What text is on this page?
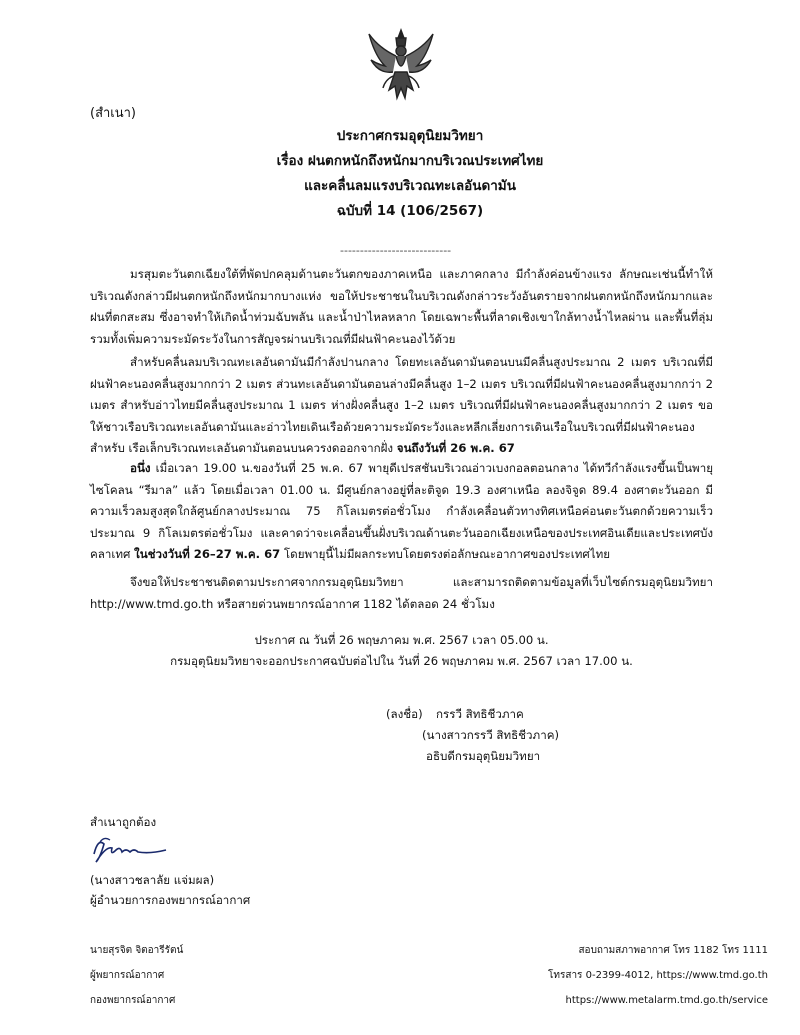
(สำเนา)
ประกาศกรมอุตุนิยมวิทยา
เรื่อง ฝนตกหนักถึงหนักมากบริเวณประเทศไทย
และคลื่นลมแรงบริเวณทะเลอันดามัน
ฉบับที่ 14 (106/2567)
----------------------------

มรสุมตะวันตกเฉียงใต้ที่พัดปกคลุมด้านตะวันตกของภาคเหนือ และภาคกลาง มีกำลังค่อนข้างแรง ลักษณะเช่นนี้ทำให้บริเวณดังกล่าวมีฝนตกหนักถึงหนักมากบางแห่ง ขอให้ประชาชนในบริเวณดังกล่าวระวังอันตรายจากฝนตกหนักถึงหนักมากและฝนที่ตกสะสม ซึ่งอาจทำให้เกิดน้ำท่วมฉับพลัน และน้ำป่าไหลหลาก โดยเฉพาะพื้นที่ลาดเชิงเขาใกล้ทางน้ำไหลผ่าน และพื้นที่ลุ่ม รวมทั้งเพิ่มความระมัดระวังในการสัญจรผ่านบริเวณที่มีฝนฟ้าคะนองไว้ด้วย

สำหรับคลื่นลมบริเวณทะเลอันดามันมีกำลังปานกลาง โดยทะเลอันดามันตอนบนมีคลื่นสูงประมาณ 2 เมตร บริเวณที่มีฝนฟ้าคะนองคลื่นสูงมากกว่า 2 เมตร ส่วนทะเลอันดามันตอนล่างมีคลื่นสูง 1–2 เมตร บริเวณที่มีฝนฟ้าคะนองคลื่นสูงมากกว่า 2 เมตร สำหรับอ่าวไทยมีคลื่นสูงประมาณ 1 เมตร ห่างฝั่งคลื่นสูง 1–2 เมตร บริเวณที่มีฝนฟ้าคะนองคลื่นสูงมากกว่า 2 เมตร ขอให้ชาวเรือบริเวณทะเลอันดามันและอ่าวไทยเดินเรือด้วยความระมัดระวังและหลีกเลี่ยงการเดินเรือในบริเวณที่มีฝนฟ้าคะนอง สำหรับ เรือเล็กบริเวณทะเลอันดามันตอนบนควรงดออกจากฝั่ง จนถึงวันที่ 26 พ.ค. 67

อนึ่ง เมื่อเวลา 19.00 น.ของวันที่ 25 พ.ค. 67 พายุดีเปรสชันบริเวณอ่าวเบงกอลตอนกลาง ได้ทวีกำลังแรงขึ้นเป็นพายุไซโคลน “รีมาล” แล้ว โดยเมื่อเวลา 01.00 น. มีศูนย์กลางอยู่ที่ละติจูด 19.3 องศาเหนือ ลองจิจูด 89.4 องศาตะวันออก มีความเร็วลมสูงสุดใกล้ศูนย์กลางประมาณ 75 กิโลเมตรต่อชั่วโมง กำลังเคลื่อนตัวทางทิศเหนือค่อนตะวันตกด้วยความเร็วประมาณ 9 กิโลเมตรต่อชั่วโมง และคาดว่าจะเคลื่อนขึ้นฝั่งบริเวณด้านตะวันออกเฉียงเหนือของประเทศอินเดียและประเทศบังคลาเทศ ในช่วงวันที่ 26–27 พ.ค. 67 โดยพายุนี้ไม่มีผลกระทบโดยตรงต่อลักษณะอากาศของประเทศไทย

จึงขอให้ประชาชนติดตามประกาศจากกรมอุตุนิยมวิทยา และสามารถติดตามข้อมูลที่เว็บไซต์กรมอุตุนิยมวิทยา http://www.tmd.go.th หรือสายด่วนพยากรณ์อากาศ 1182 ได้ตลอด 24 ชั่วโมง

ประกาศ ณ วันที่ 26 พฤษภาคม พ.ศ. 2567 เวลา 05.00 น.
กรมอุตุนิยมวิทยาจะออกประกาศฉบับต่อไปใน วันที่ 26 พฤษภาคม พ.ศ. 2567 เวลา 17.00 น.
(ลงชื่อ) กรรวี สิทธิชีวภาค
(นางสาวกรรวี สิทธิชีวภาค)
อธิบดีกรมอุตุนิยมวิทยา
สำเนาถูกต้อง
(นางสาวชลาลัย แจ่มผล)
ผู้อำนวยการกองพยากรณ์อากาศ
นายสุรจิต จิตอารีรัตน์
ผู้พยากรณ์อากาศ
กองพยากรณ์อากาศ
สอบถามสภาพอากาศ โทร 1182 โทร 1111
โทรสาร 0-2399-4012, https://www.tmd.go.th
https://www.metalarm.tmd.go.th/service
